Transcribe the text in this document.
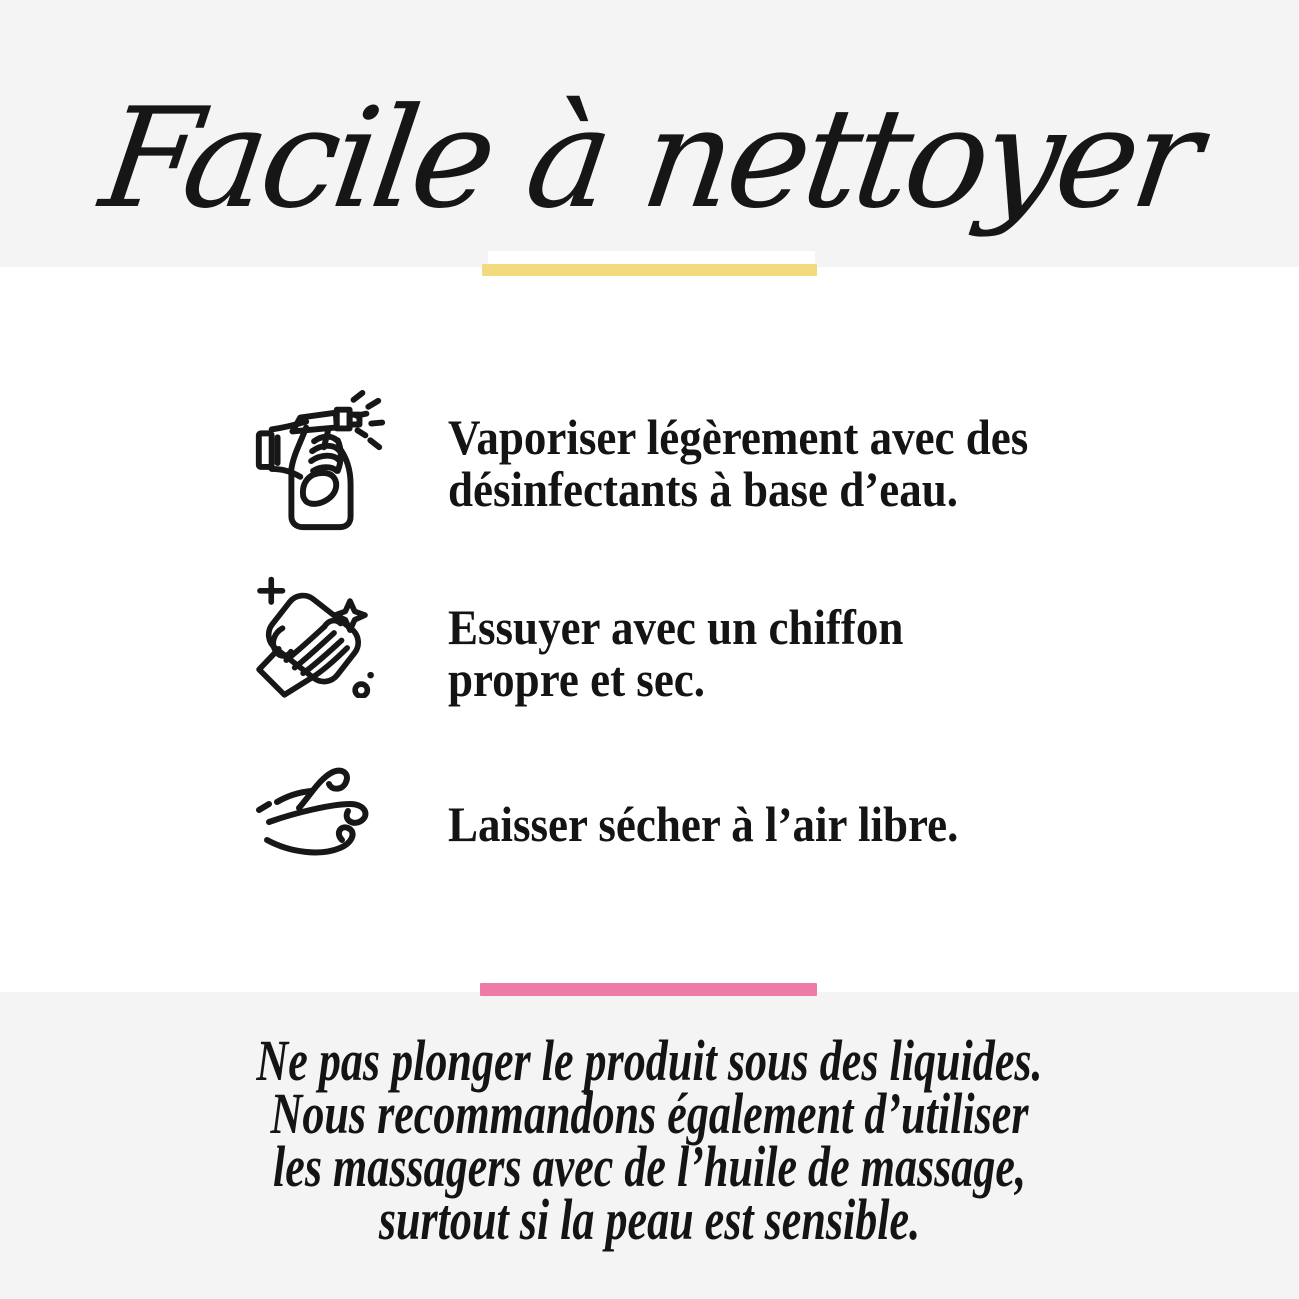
Facile à nettoyer
Vaporiser légèrement avec des
désinfectants à base d’eau.
Essuyer avec un chiffon
propre et sec.
Laisser sécher à l’air libre.
Ne pas plonger le produit sous des liquides.
Nous recommandons également d’utiliser
les massagers avec de l’huile de massage,
surtout si la peau est sensible.
